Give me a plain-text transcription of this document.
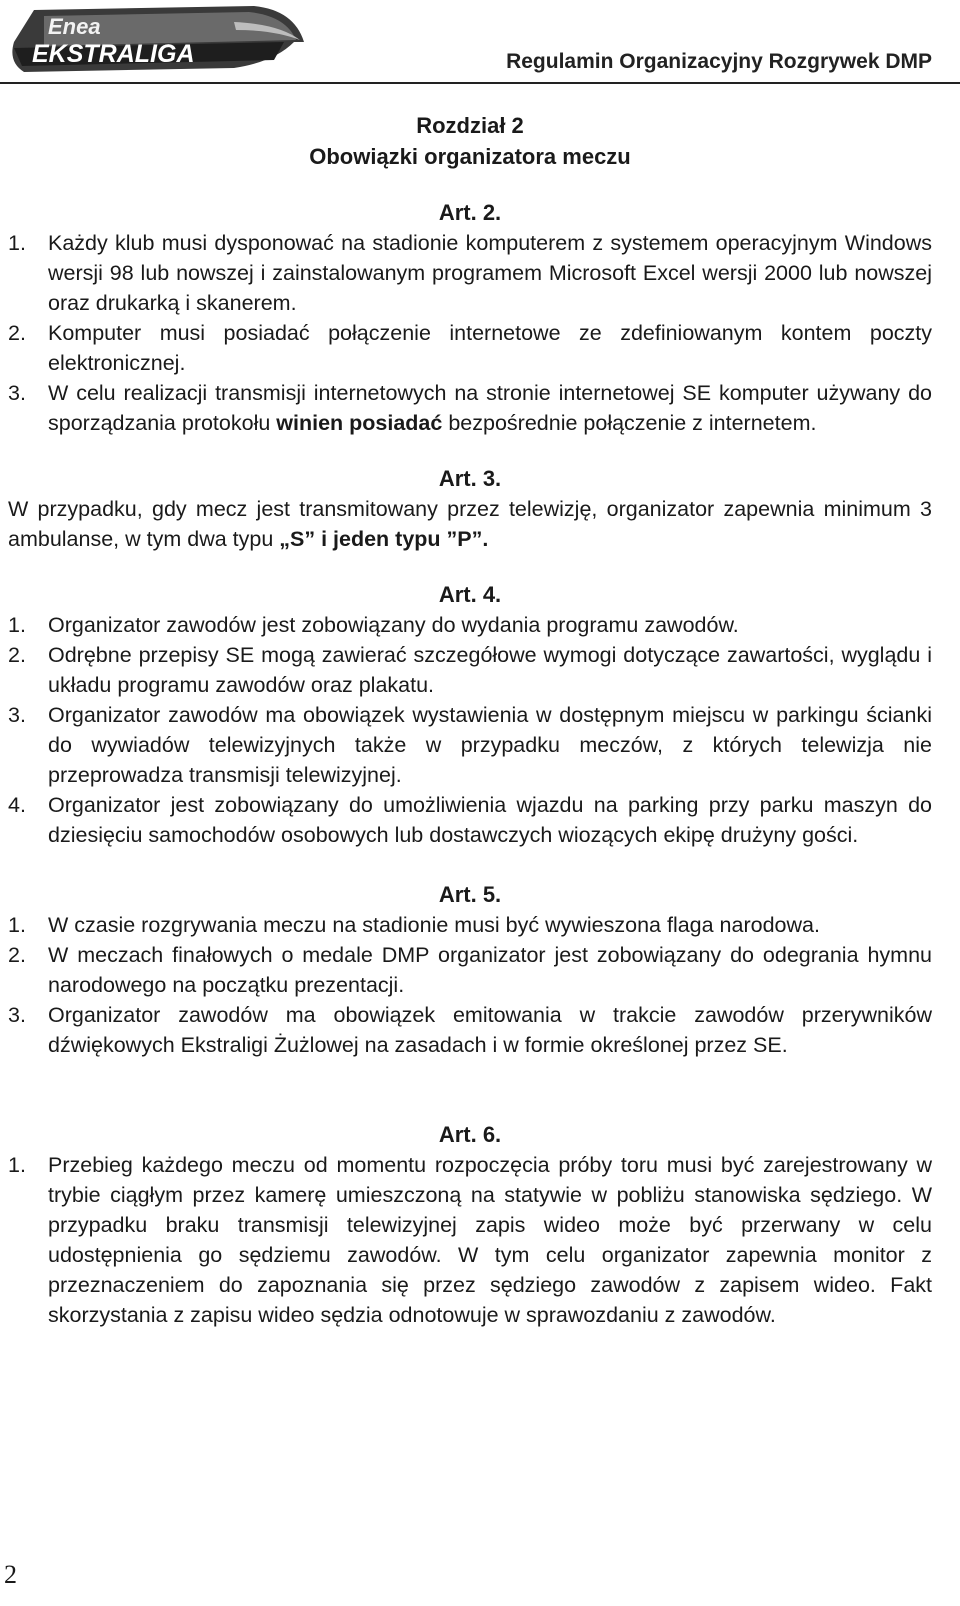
Enea
EKSTRALIGA	Regulamin Organizacyjny Rozgrywek DMP
Rozdział 2
Obowiązki organizatora meczu
Art. 2.
1.	Każdy klub musi dysponować na stadionie komputerem z systemem operacyjnym Windows wersji 98 lub nowszej i zainstalowanym programem Microsoft Excel wersji 2000 lub nowszej oraz drukarką i skanerem.
2.	Komputer musi posiadać połączenie internetowe ze zdefiniowanym kontem poczty elektronicznej.
3.	W celu realizacji transmisji internetowych na stronie internetowej SE komputer używany do sporządzania protokołu winien posiadać bezpośrednie połączenie z internetem.
Art. 3.
W przypadku, gdy mecz jest transmitowany przez telewizję, organizator zapewnia minimum 3 ambulanse, w tym dwa typu „S” i jeden typu ”P”.
Art. 4.
1.	Organizator zawodów jest zobowiązany do wydania programu zawodów.
2.	Odrębne przepisy SE mogą zawierać szczegółowe wymogi dotyczące zawartości, wyglądu i układu programu zawodów oraz plakatu.
3.	Organizator zawodów ma obowiązek wystawienia w dostępnym miejscu w parkingu ścianki do wywiadów telewizyjnych także w przypadku meczów, z których telewizja nie przeprowadza transmisji telewizyjnej.
4.	Organizator jest zobowiązany do umożliwienia wjazdu na parking przy parku maszyn do dziesięciu samochodów osobowych lub dostawczych wiozących ekipę drużyny gości.
Art. 5.
1.	W czasie rozgrywania meczu na stadionie musi być wywieszona flaga narodowa.
2.	W meczach finałowych o medale DMP organizator jest zobowiązany do odegrania hymnu narodowego na początku prezentacji.
3.	Organizator zawodów ma obowiązek emitowania w trakcie zawodów przerywników dźwiękowych Ekstraligi Żużlowej na zasadach i w formie określonej przez SE.
Art. 6.
1.	Przebieg każdego meczu od momentu rozpoczęcia próby toru musi być zarejestrowany w trybie ciągłym przez kamerę umieszczoną na statywie w pobliżu stanowiska sędziego. W przypadku braku transmisji telewizyjnej zapis wideo może być przerwany w celu udostępnienia go sędziemu zawodów. W tym celu organizator zapewnia monitor z przeznaczeniem do zapoznania się przez sędziego zawodów z zapisem wideo. Fakt skorzystania z zapisu wideo sędzia odnotowuje w sprawozdaniu z zawodów.
2
